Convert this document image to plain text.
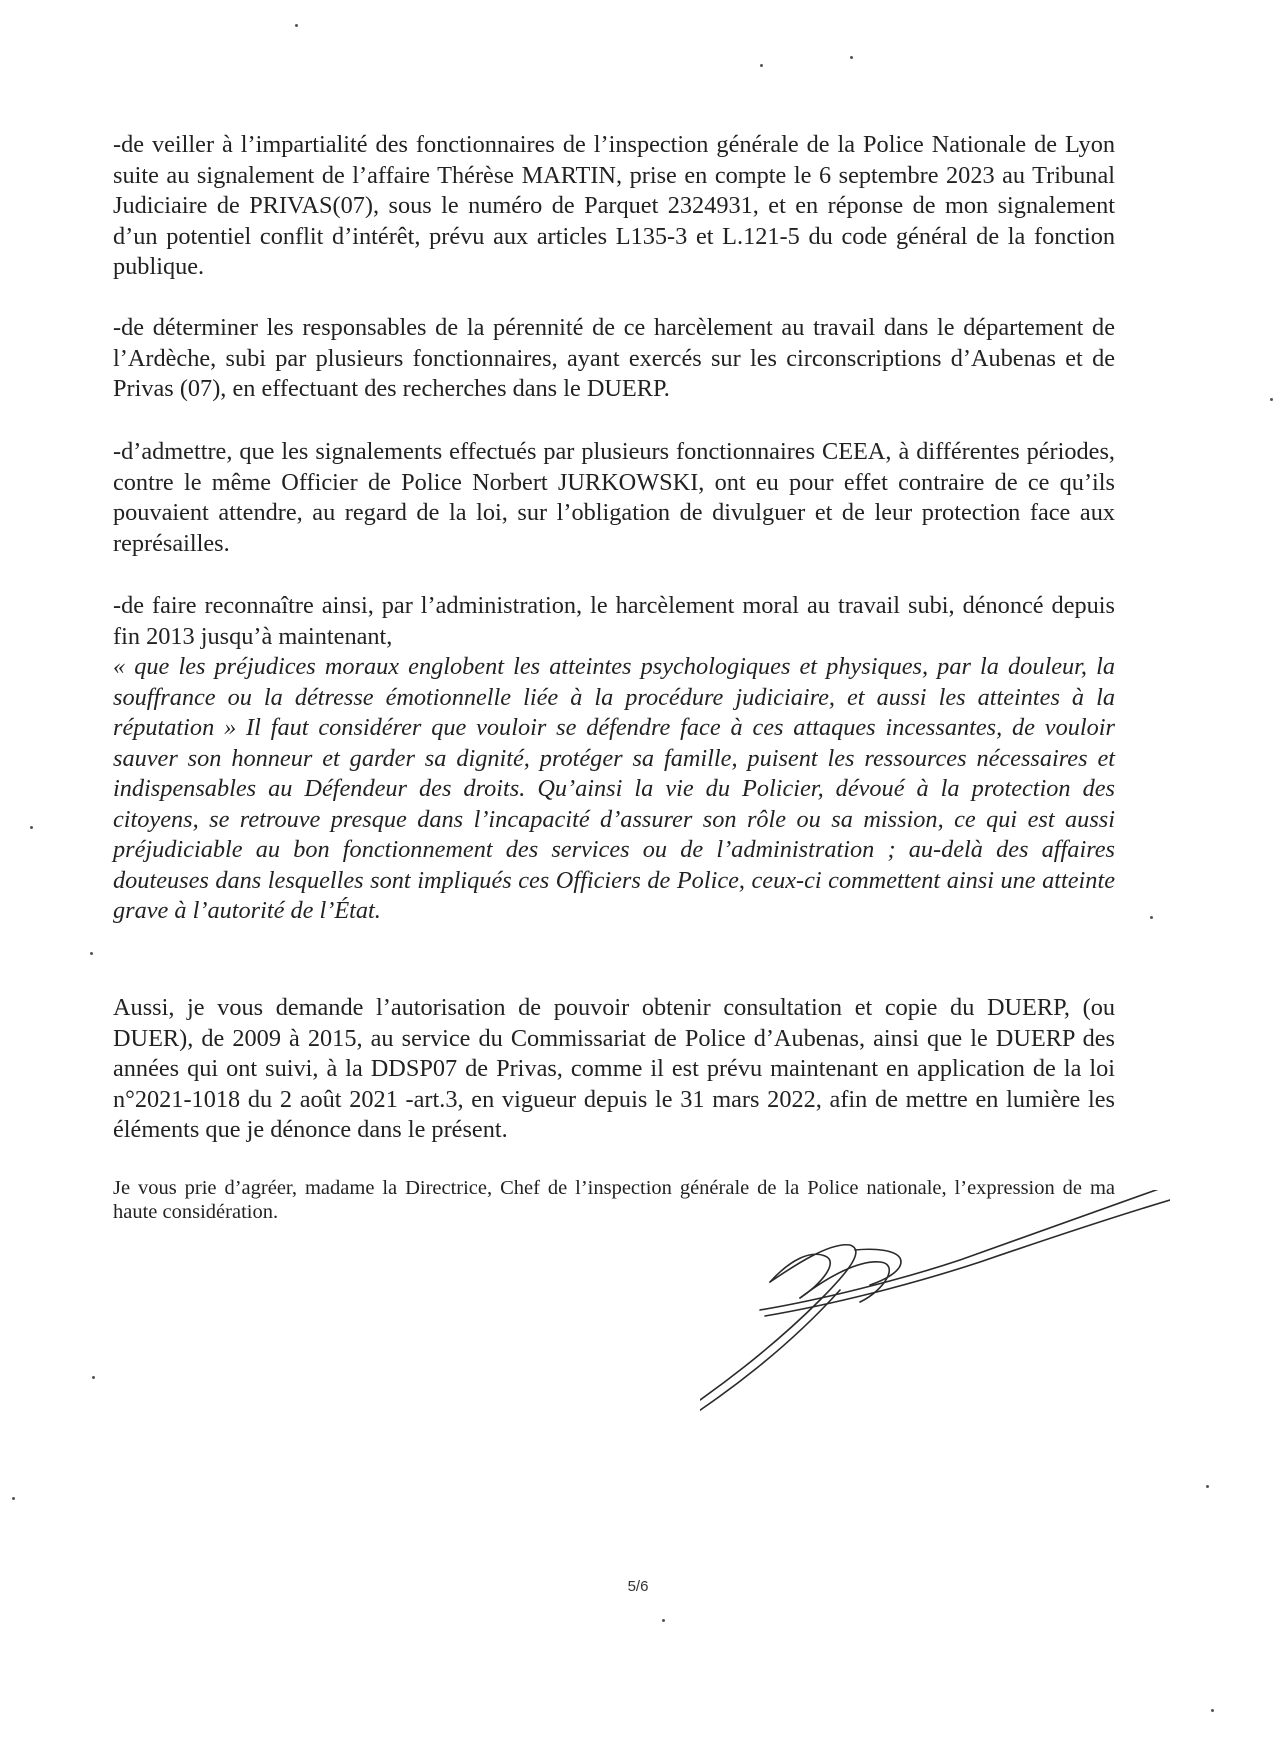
-de veiller à l’impartialité des fonctionnaires de l’inspection générale de la Police Nationale de Lyon suite au signalement de l’affaire Thérèse MARTIN, prise en compte le 6 septembre 2023 au Tribunal Judiciaire de PRIVAS(07), sous le numéro de Parquet 2324931, et en réponse de mon signalement d’un potentiel conflit d’intérêt, prévu aux articles L135-3 et L.121-5 du code général de la fonction publique.

-de déterminer les responsables de la pérennité de ce harcèlement au travail dans le département de l’Ardèche, subi par plusieurs fonctionnaires, ayant exercés sur les circonscriptions d’Aubenas et de Privas (07), en effectuant des recherches dans le DUERP.

-d’admettre, que les signalements effectués par plusieurs fonctionnaires CEEA, à différentes périodes, contre le même Officier de Police Norbert JURKOWSKI, ont eu pour effet contraire de ce qu’ils pouvaient attendre, au regard de la loi, sur l’obligation de divulguer et de leur protection face aux représailles.

-de faire reconnaître ainsi, par l’administration, le harcèlement moral au travail subi, dénoncé depuis fin 2013 jusqu’à maintenant,
« que les préjudices moraux englobent les atteintes psychologiques et physiques, par la douleur, la souffrance ou la détresse émotionnelle liée à la procédure judiciaire, et aussi les atteintes à la réputation » Il faut considérer que vouloir se défendre face à ces attaques incessantes, de vouloir sauver son honneur et garder sa dignité, protéger sa famille, puisent les ressources nécessaires et indispensables au Défendeur des droits. Qu’ainsi la vie du Policier, dévoué à la protection des citoyens, se retrouve presque dans l’incapacité d’assurer son rôle ou sa mission, ce qui est aussi préjudiciable au bon fonctionnement des services ou de l’administration ; au-delà des affaires douteuses dans lesquelles sont impliqués ces Officiers de Police, ceux-ci commettent ainsi une atteinte grave à l’autorité de l’État.

Aussi, je vous demande l’autorisation de pouvoir obtenir consultation et copie du DUERP, (ou DUER), de 2009 à 2015, au service du Commissariat de Police d’Aubenas, ainsi que le DUERP des années qui ont suivi, à la DDSP07 de Privas, comme il est prévu maintenant en application de la loi n°2021-1018 du 2 août 2021 -art.3, en vigueur depuis le 31 mars 2022, afin de mettre en lumière les éléments que je dénonce dans le présent.

Je vous prie d’agréer, madame la Directrice, Chef de l’inspection générale de la Police nationale, l’expression de ma haute considération.

5/6
